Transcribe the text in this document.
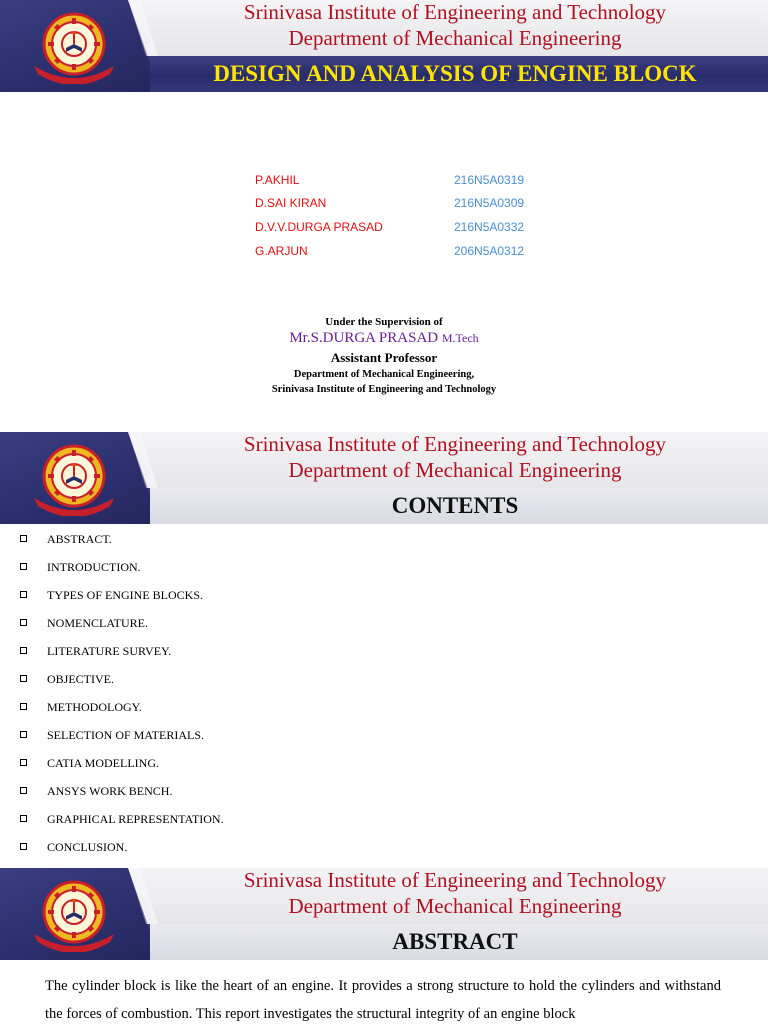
Srinivasa Institute of Engineering and Technology
Department of Mechanical Engineering
DESIGN AND ANALYSIS OF ENGINE BLOCK
P.AKHIL	216N5A0319
D.SAI KIRAN	216N5A0309
D.V.V.DURGA PRASAD	216N5A0332
G.ARJUN	206N5A0312
Under the Supervision of
Mr.S.DURGA PRASAD M.Tech
Assistant Professor
Department of Mechanical Engineering,
Srinivasa Institute of Engineering and Technology
Srinivasa Institute of Engineering and Technology
Department of Mechanical Engineering
CONTENTS
ABSTRACT.
INTRODUCTION.
TYPES OF ENGINE BLOCKS.
NOMENCLATURE.
LITERATURE SURVEY.
OBJECTIVE.
METHODOLOGY.
SELECTION OF MATERIALS.
CATIA MODELLING.
ANSYS WORK BENCH.
GRAPHICAL REPRESENTATION.
CONCLUSION.
Srinivasa Institute of Engineering and Technology
Department of Mechanical Engineering
ABSTRACT
The cylinder block is like the heart of an engine. It provides a strong structure to hold the cylinders and withstand the forces of combustion. This report investigates the structural integrity of an engine block
